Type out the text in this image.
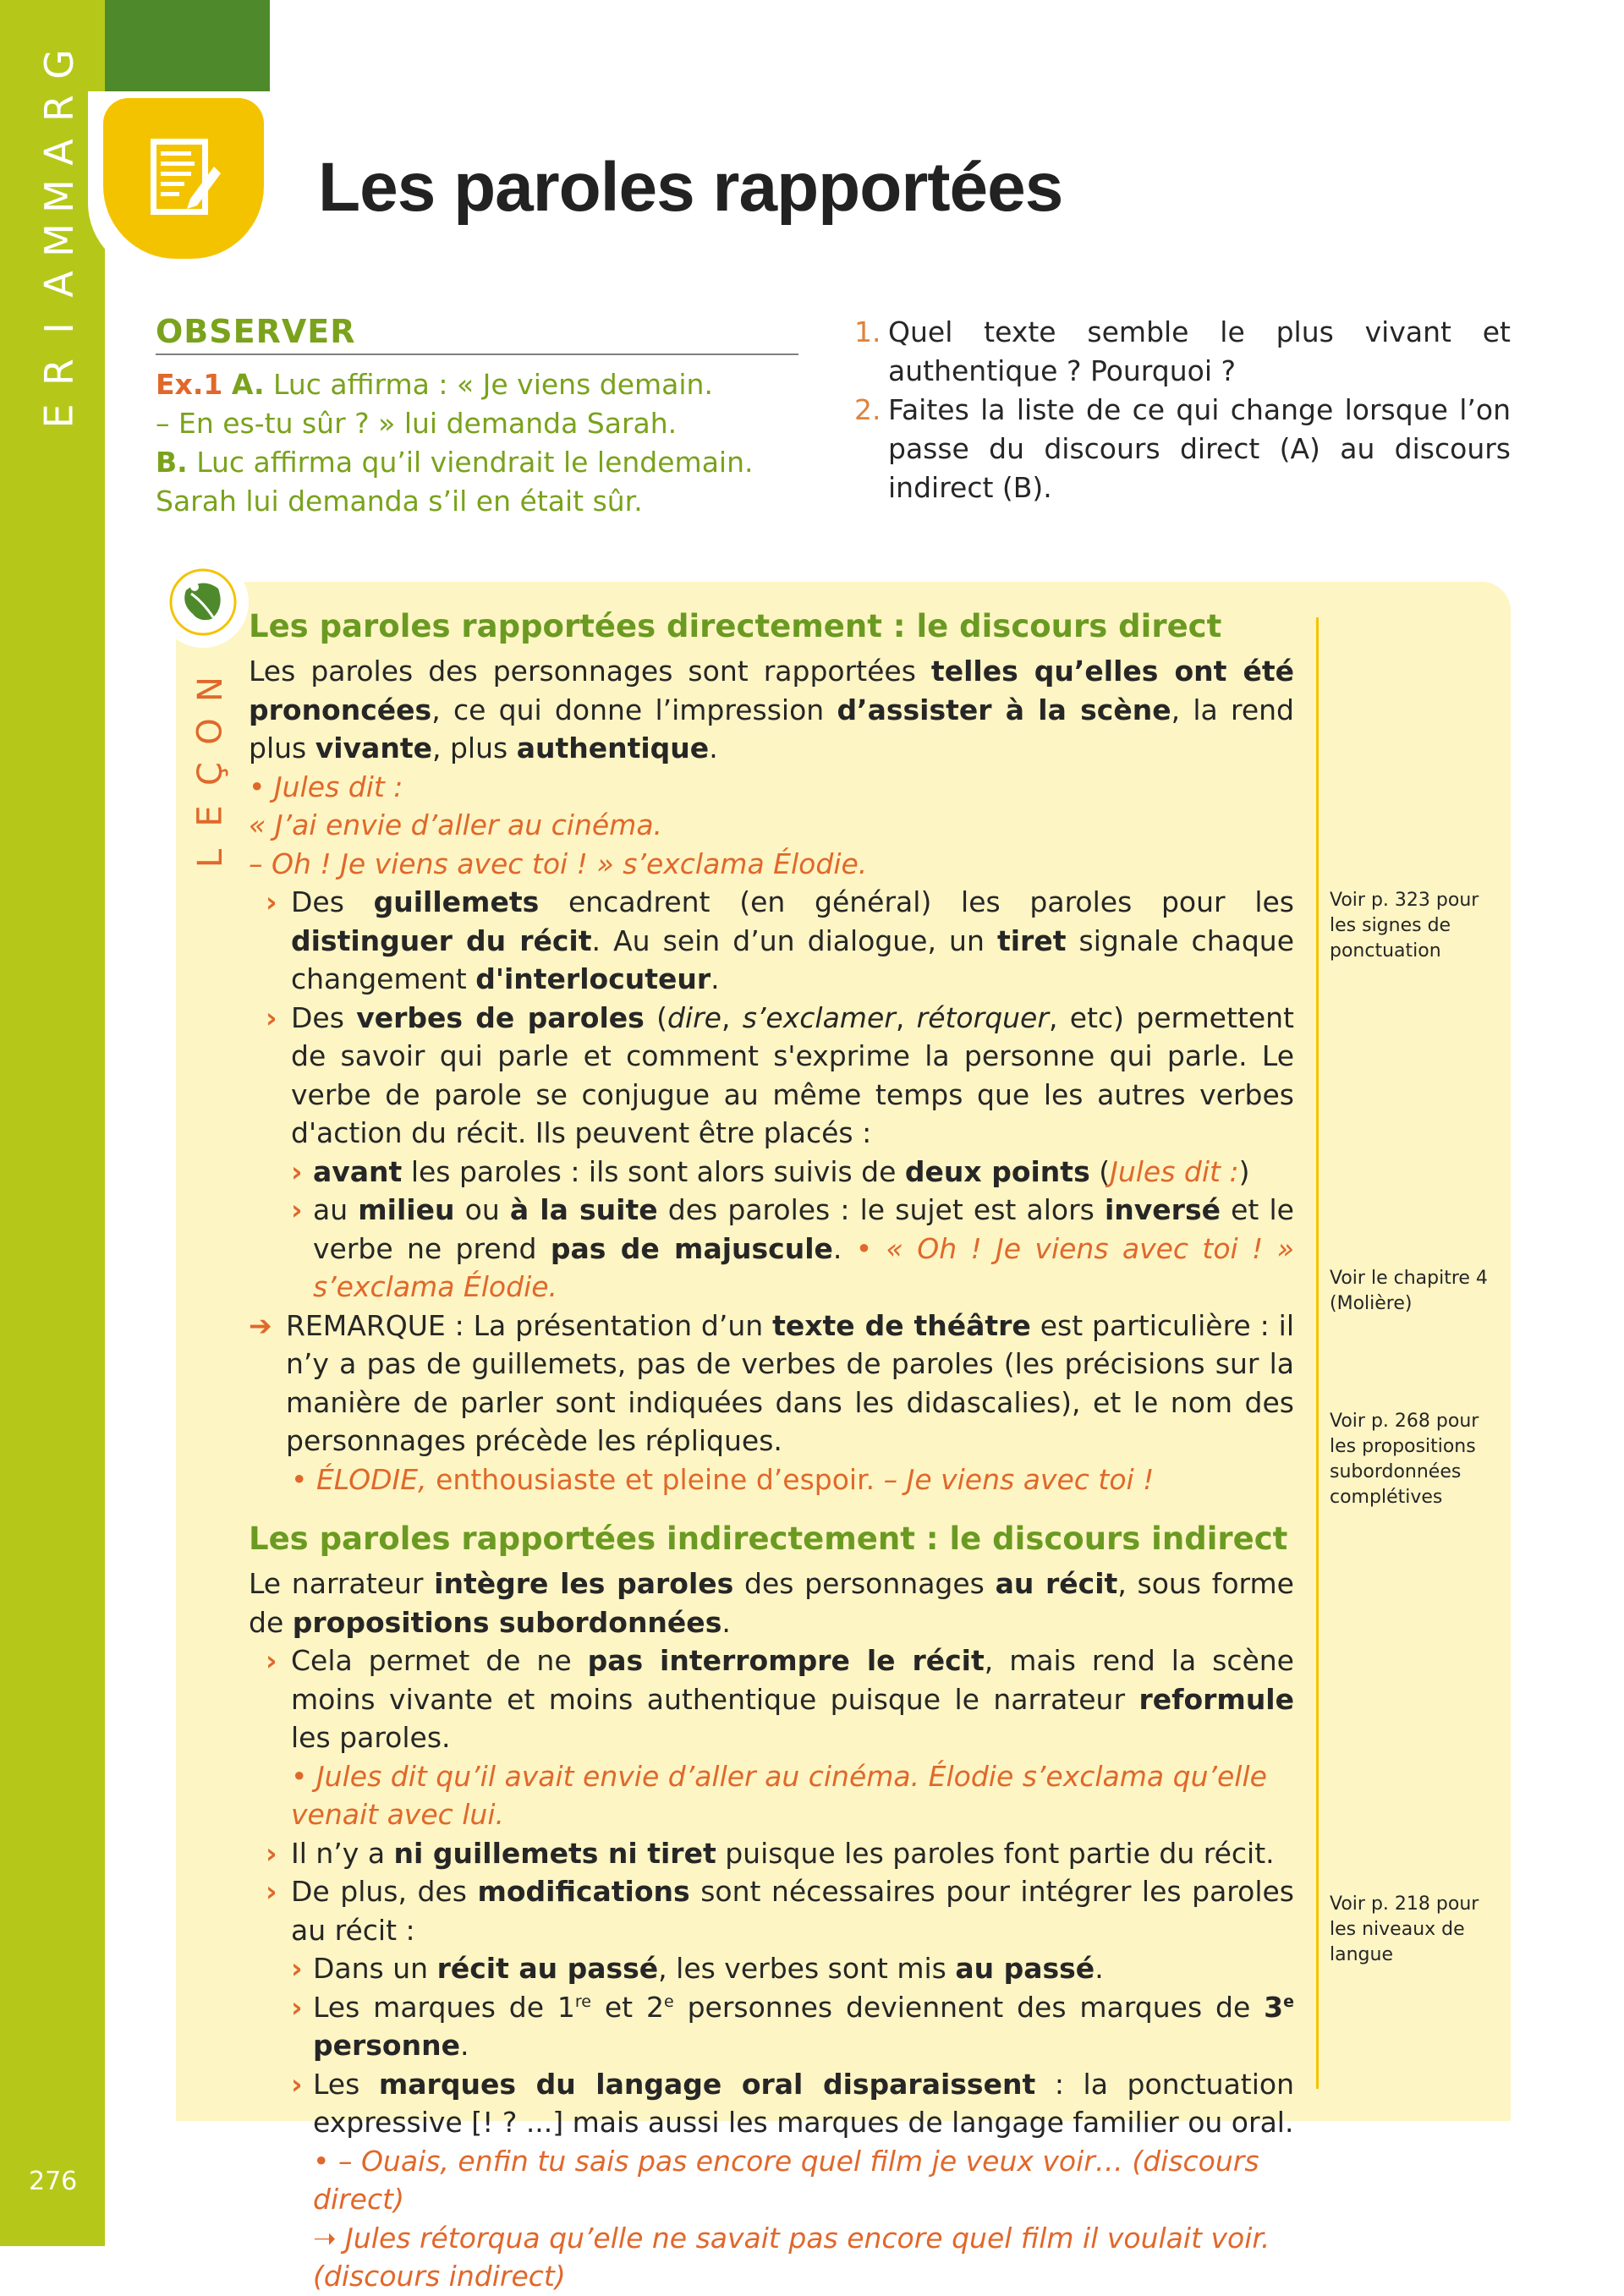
G
R
A
M
M
A
I
R
E
276
Les paroles rapportées
OBSERVER
Ex.1 A. Luc affirma : « Je viens demain.
– En es-tu sûr ? » lui demanda Sarah.
B. Luc affirma qu’il viendrait le lendemain. Sarah lui demanda s’il en était sûr.
1. Quel texte semble le plus vivant et authentique ? Pourquoi ?
2. Faites la liste de ce qui change lorsque l’on passe du discours direct (A) au discours indirect (B).
N
O
Ç
E
L
Les paroles rapportées directement : le discours direct

Les paroles des personnages sont rapportées telles qu’elles ont été prononcées, ce qui donne l’impression d’assister à la scène, la rend plus vivante, plus authentique.

• Jules dit :

« J’ai envie d’aller au cinéma.

– Oh ! Je viens avec toi ! » s’exclama Élodie.

› Des guillemets encadrent (en général) les paroles pour les distinguer du récit. Au sein d’un dialogue, un tiret signale chaque changement d'interlocuteur.

› Des verbes de paroles (dire, s’exclamer, rétorquer, etc) permettent de savoir qui parle et comment s'exprime la personne qui parle. Le verbe de parole se conjugue au même temps que les autres verbes d'action du récit. Ils peuvent être placés :

› avant les paroles : ils sont alors suivis de deux points (Jules dit :)

› au milieu ou à la suite des paroles : le sujet est alors inversé et le verbe ne prend pas de majuscule. • « Oh ! Je viens avec toi ! » s’exclama Élodie.

➔ REMARQUE : La présentation d’un texte de théâtre est particulière : il n’y a pas de guillemets, pas de verbes de paroles (les précisions sur la manière de parler sont indiquées dans les didascalies), et le nom des personnages précède les répliques.

• ÉLODIE, enthousiaste et pleine d’espoir. – Je viens avec toi !

Les paroles rapportées indirectement : le discours indirect

Le narrateur intègre les paroles des personnages au récit, sous forme de propositions subordonnées.

› Cela permet de ne pas interrompre le récit, mais rend la scène moins vivante et moins authentique puisque le narrateur reformule les paroles.

• Jules dit qu’il avait envie d’aller au cinéma. Élodie s’exclama qu’elle venait avec lui.

› Il n’y a ni guillemets ni tiret puisque les paroles font partie du récit.

› De plus, des modifications sont nécessaires pour intégrer les paroles au récit :

› Dans un récit au passé, les verbes sont mis au passé.

› Les marques de 1re et 2e personnes deviennent des marques de 3e personne.

› Les marques du langage oral disparaissent : la ponctuation expressive [! ? ...] mais aussi les marques de langage familier ou oral.

• – Ouais, enfin tu sais pas encore quel film je veux voir… (discours direct)

➝ Jules rétorqua qu’elle ne savait pas encore quel film il voulait voir.

(discours indirect)

Voir p. 323 pour les signes de ponctuation
Voir le chapitre 4 (Molière)
Voir p. 268 pour les propositions subordonnées complétives
Voir p. 218 pour les niveaux de langue
